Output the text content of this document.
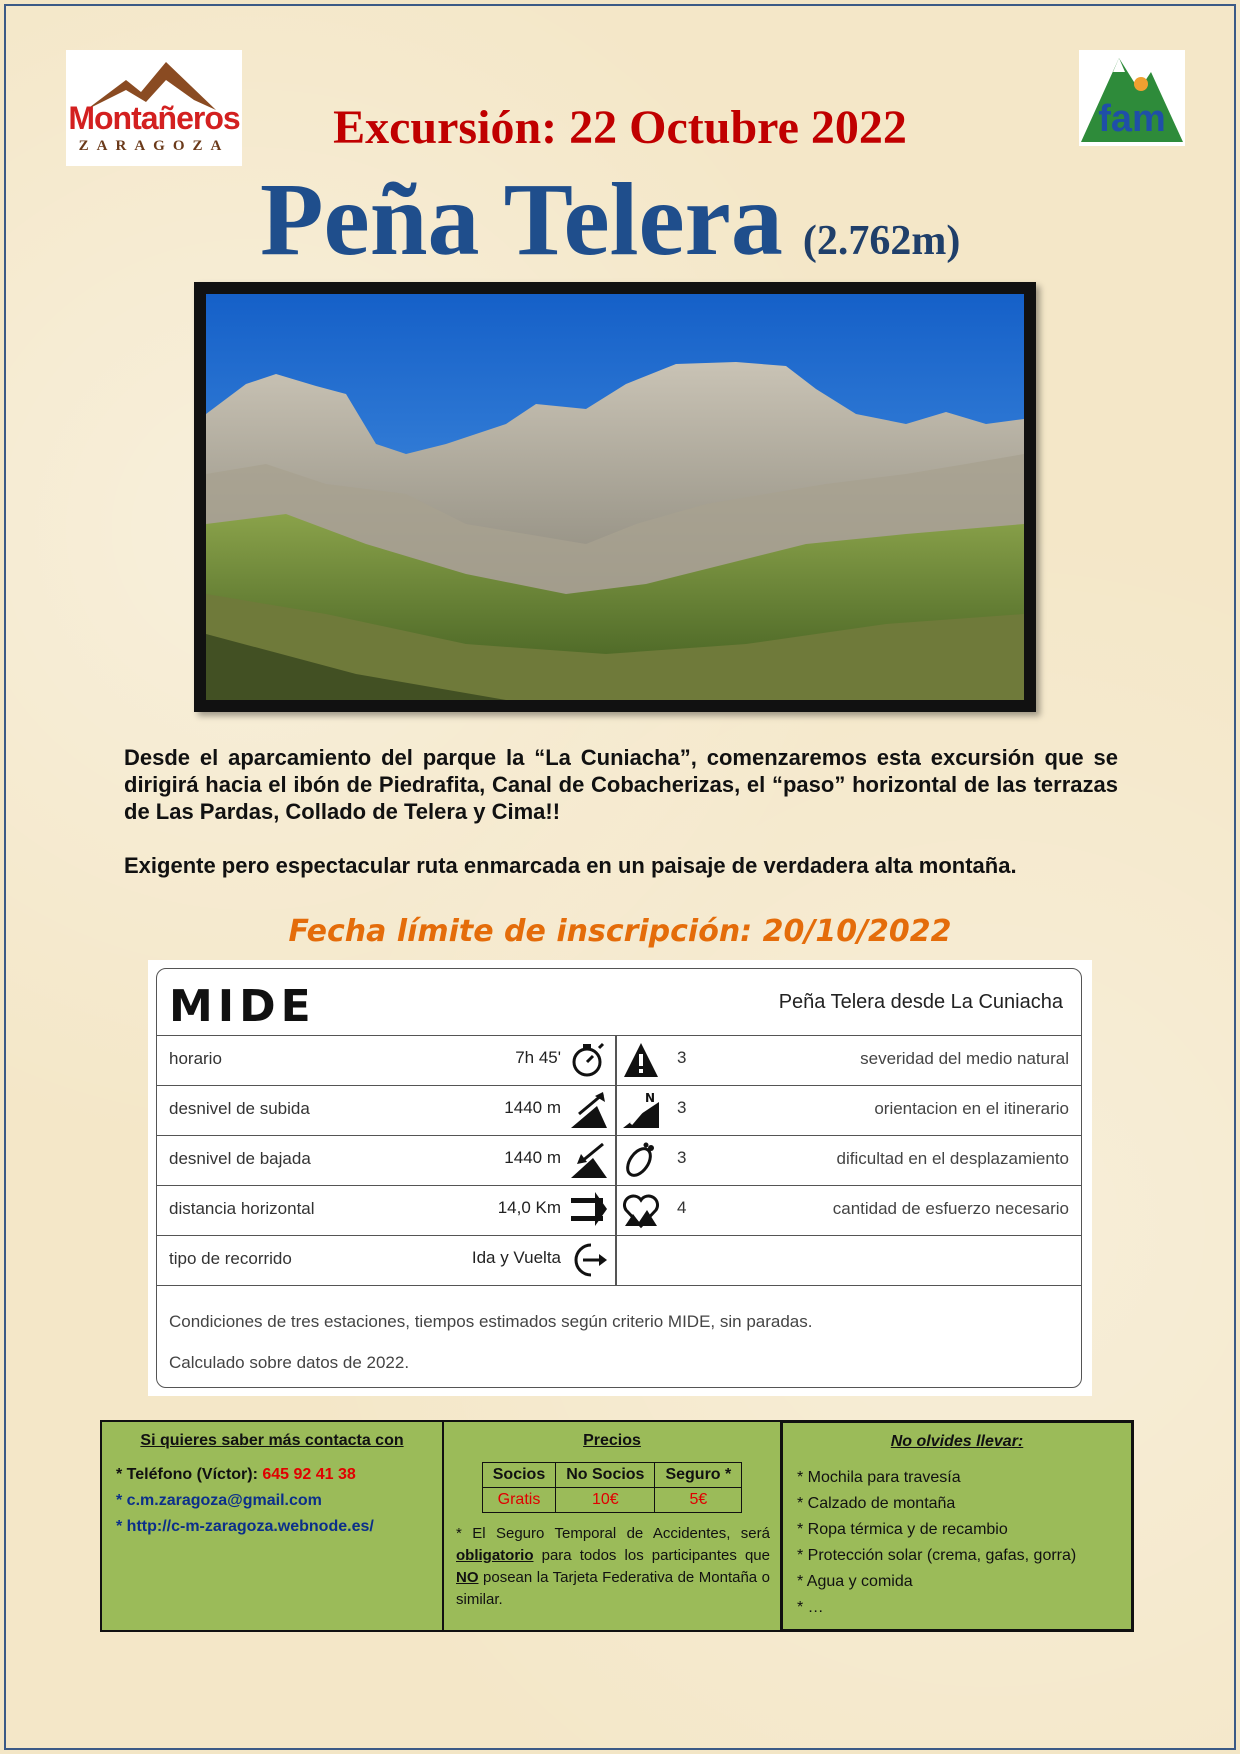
Montañeros
ZARAGOZA
fam
Excursión: 22 Octubre 2022
Peña Telera (2.762m)

Desde el aparcamiento del parque la “La Cuniacha”, comenzaremos esta excursión que se dirigirá hacia el ibón de Piedrafita, Canal de Cobacherizas, el “paso” horizontal de las terrazas de Las Pardas, Collado de Telera y Cima!!

Exigente pero espectacular ruta enmarcada en un paisaje de verdadera alta montaña.

Fecha límite de inscripción: 20/10/2022
MIDE	Peña Telera desde La Cuniacha
horario	7h 45'	3	severidad del medio natural
desnivel de subida	1440 m	N 3	orientacion en el itinerario
desnivel de bajada	1440 m	3	dificultad en el desplazamiento
distancia horizontal	14,0 Km	4	cantidad de esfuerzo necesario
tipo de recorrido	Ida y Vuelta
Condiciones de tres estaciones, tiempos estimados según criterio MIDE, sin paradas.
Calculado sobre datos de 2022.
Si quieres saber más contacta con
* Teléfono (Víctor): 645 92 41 38
* c.m.zaragoza@gmail.com
* http://c-m-zaragoza.webnode.es/
Precios
Socios	No Socios	Seguro *
Gratis	10€	5€
* El Seguro Temporal de Accidentes, será obligatorio para todos los participantes que NO posean la Tarjeta Federativa de Montaña o similar.
No olvides llevar:
* Mochila para travesía
* Calzado de montaña
* Ropa térmica y de recambio
* Protección solar (crema, gafas, gorra)
* Agua y comida
* …
